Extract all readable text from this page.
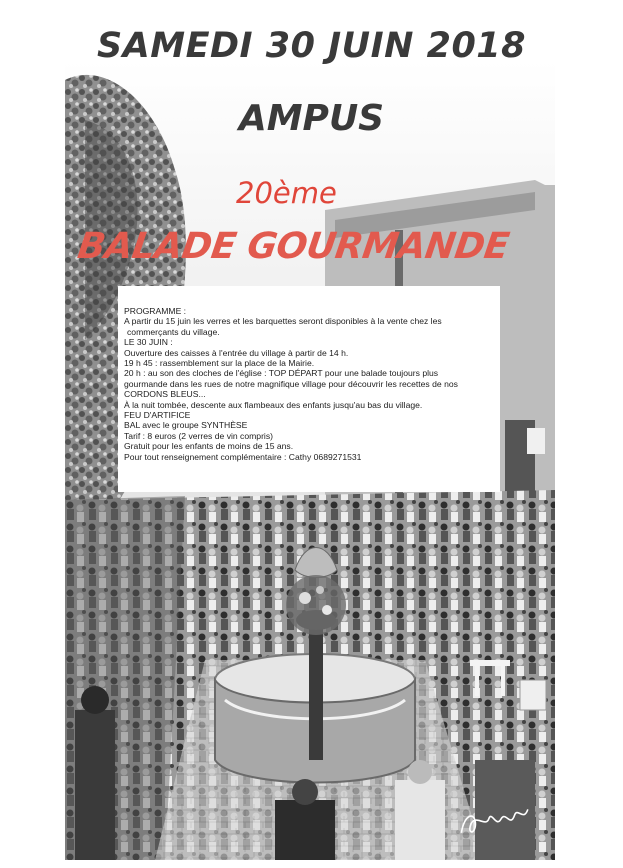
SAMEDI 30 JUIN 2018
AMPUS
20ème
BALADE GOURMANDE
PROGRAMME :
A partir du 15 juin les verres et les barquettes seront disponibles à la vente chez les
commerçants du village.
LE 30 JUIN :
Ouverture des caisses à l'entrée du village à partir de 14 h.
19 h 45 : rassemblement sur la place de la Mairie.
20 h : au son des cloches de l'église : TOP DÉPART pour une balade toujours plus
gourmande dans les rues de notre magnifique village pour découvrir les recettes de nos
CORDONS BLEUS...
À la nuit tombée, descente aux flambeaux des enfants jusqu'au bas du village.
FEU D'ARTIFICE
BAL avec le groupe SYNTHÈSE
Tarif : 8 euros (2 verres de vin compris)
Gratuit pour les enfants de moins de 15 ans.
Pour tout renseignement complémentaire : Cathy 0689271531
